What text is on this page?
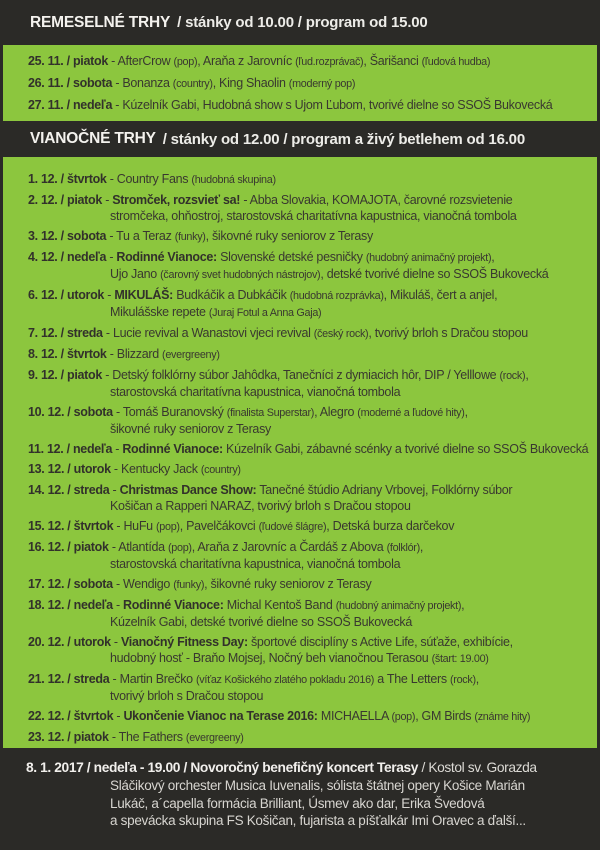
REMESELNÉ TRHY / stánky od 10.00 / program od 15.00

25. 11. / piatok - AfterCrow (pop), Araňa z Jarovníc (ľud.rozprávač), Šarišanci (ľudová hudba)

26. 11. / sobota - Bonanza (country), King Shaolin (moderný pop)

27. 11. / nedeľa - Kúzelník Gabi, Hudobná show s Ujom Ľubom, tvorivé dielne so SSOŠ Bukovecká

VIANOČNÉ TRHY / stánky od 12.00 / program a živý betlehem od 16.00

1. 12. / štvrtok - Country Fans (hudobná skupina)

2. 12. / piatok - Stromček, rozsvieť sa! - Abba Slovakia, KOMAJOTA, čarovné rozsvietenie
stromčeka, ohňostroj, starostovská charitatívna kapustnica, vianočná tombola

3. 12. / sobota - Tu a Teraz (funky), šikovné ruky seniorov z Terasy

4. 12. / nedeľa - Rodinné Vianoce: Slovenské detské pesničky (hudobný animačný projekt),
Ujo Jano (čarovný svet hudobných nástrojov), detské tvorivé dielne so SSOŠ Bukovecká

6. 12. / utorok - MIKULÁŠ: Budkáčik a Dubkáčik (hudobná rozprávka), Mikuláš, čert a anjel,
Mikulášske repete (Juraj Fotul a Anna Gaja)

7. 12. / streda - Lucie revival a Wanastovi vjeci revival (český rock), tvorivý brloh s Dračou stopou

8. 12. / štvrtok - Blizzard (evergreeny)

9. 12. / piatok - Detský folklórny súbor Jahôdka, Tanečníci z dymiacich hôr, DIP / Yelllowe (rock),
starostovská charitatívna kapustnica, vianočná tombola

10. 12. / sobota - Tomáš Buranovský (finalista Superstar), Alegro (moderné a ľudové hity),
šikovné ruky seniorov z Terasy

11. 12. / nedeľa - Rodinné Vianoce: Kúzelník Gabi, zábavné scénky a tvorivé dielne so SSOŠ Bukovecká

13. 12. / utorok - Kentucky Jack (country)

14. 12. / streda - Christmas Dance Show: Tanečné štúdio Adriany Vrbovej, Folklórny súbor
Košičan a Rapperi NARAZ, tvorivý brloh s Dračou stopou

15. 12. / štvrtok - HuFu (pop), Pavelčákovci (ľudové šlágre), Detská burza darčekov

16. 12. / piatok - Atlantída (pop), Araňa z Jarovníc a Čardáš z Abova (folklór),
starostovská charitatívna kapustnica, vianočná tombola

17. 12. / sobota - Wendigo (funky), šikovné ruky seniorov z Terasy

18. 12. / nedeľa - Rodinné Vianoce: Michal Kentoš Band (hudobný animačný projekt),
Kúzelník Gabi, detské tvorivé dielne so SSOŠ Bukovecká

20. 12. / utorok - Vianočný Fitness Day: športové disciplíny s Active Life, súťaže, exhibície,
hudobný hosť - Braňo Mojsej, Nočný beh vianočnou Terasou (štart: 19.00)

21. 12. / streda - Martin Brečko (víťaz Košického zlatého pokladu 2016) a The Letters (rock),
tvorivý brloh s Dračou stopou

22. 12. / štvrtok - Ukončenie Vianoc na Terase 2016: MICHAELLA (pop), GM Birds (známe hity)

23. 12. / piatok - The Fathers (evergreeny)

8. 1. 2017 / nedeľa - 19.00 / Novoročný benefičný koncert Terasy / Kostol sv. Gorazda
Sláčikový orchester Musica Iuvenalis, sólista štátnej opery Košice Marián
Lukáč, a´capella formácia Brilliant, Úsmev ako dar, Erika Švedová
a spevácka skupina FS Košičan, fujarista a píšťalkár Imi Oravec a ďalší...
